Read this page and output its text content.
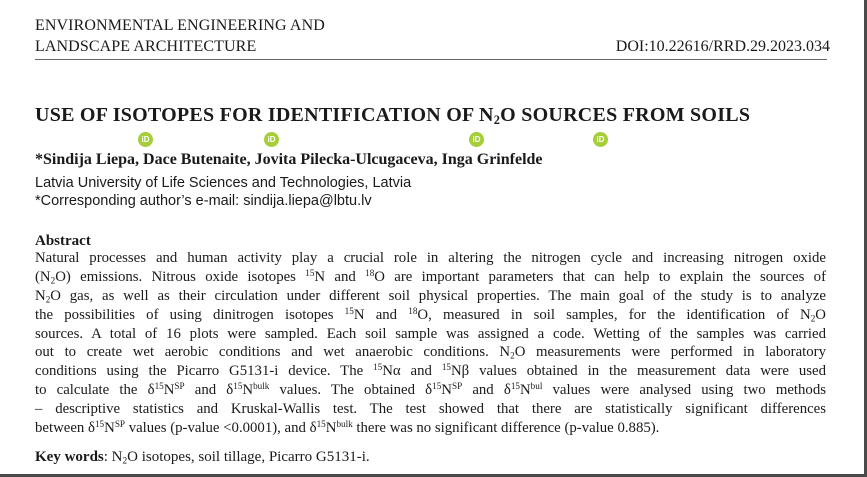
ENVIRONMENTAL ENGINEERING AND
LANDSCAPE ARCHITECTURE	DOI:10.22616/RRD.29.2023.034
USE OF ISOTOPES FOR IDENTIFICATION OF $N_2O$ SOURCES FROM SOILS
iD	iD	iD	iD
*Sindija Liepa, Dace Butenaite, Jovita Pilecka-Ulcugaceva, Inga Grinfelde
Latvia University of Life Sciences and Technologies, Latvia
*Corresponding author’s e-mail: sindija.liepa@lbtu.lv
Abstract
Natural processes and human activity play a crucial role in altering the nitrogen cycle and increasing nitrogen oxide
$(N_2O)$ emissions. Nitrous oxide isotopes $^{15}$N and $^{18}$O are important parameters that can help to explain the sources of
$N_2O$ gas, as well as their circulation under different soil physical properties. The main goal of the study is to analyze
the possibilities of using dinitrogen isotopes $^{15}$N and $^{18}$O, measured in soil samples, for the identification of $N_2O$
sources. A total of 16 plots were sampled. Each soil sample was assigned a code. Wetting of the samples was carried
out to create wet aerobic conditions and wet anaerobic conditions. $N_2O$ measurements were performed in laboratory
conditions using the Picarro G5131-i device. The $^{15}$Nα and $^{15}$Nβ values obtained in the measurement data were used
to calculate the $\delta^{15}N^{SP}$ and $\delta^{15}N^{bulk}$ values. The obtained $\delta^{15}N^{SP}$ and $\delta^{15}N^{bul}$ values were analysed using two methods
– descriptive statistics and Kruskal-Wallis test. The test showed that there are statistically significant differences
between $\delta^{15}N^{SP}$ values (p-value <0.0001), and $\delta^{15}N^{bulk}$ there was no significant difference (p-value 0.885).
Key words: $N_2O$ isotopes, soil tillage, Picarro G5131-i.
